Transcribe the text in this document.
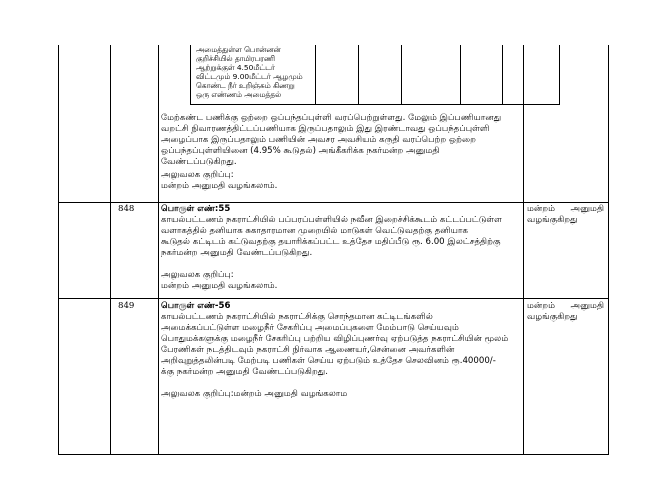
அமைத்துள்ள பொன்னன்
குறிச்சியில் தாமிரபரணி
ஆற்றுக்குள் 4.50மீட்டர்
விட்டமும் 9.00மீட்டர் ஆழமும்
கொண்ட நீர் உறிஞ்சும் கிணறு
ஒரு எண்ணம் அமைத்தல்
மேற்கண்ட பணிக்கு ஒற்றை ஒப்பந்தப்புள்ளி வரப்பெற்றுள்ளது. மேலும் இப்பணியானது
வறட்சி நிவாரணத்திட்டப்பணியாக இருப்பதாலும் இது இரண்டாவது ஒப்பந்தப்புள்ளி
அழைப்பாக இருப்பதாலும் பணியின் அவசர அவசியம் கருதி வரப்பெற்ற ஒற்றை
ஒப்பந்தப்புள்ளியினை (4.95% கூடுதல்) அங்கீகரிக்க நகர்மன்ற அனுமதி
வேண்டப்படுகிறது.
அலுவலக குறிப்பு:
மன்றம் அனுமதி வழங்கலாம்.
848	பொருள் எண்:55
காயல்பட்டணம் நகராட்சியில் பப்பரப்பள்ளியில் நவீன இறைச்சிக்கூடம் கட்டப்பட்டுள்ள
வளாகத்தில் தனியாக சுகாதாரமான முறையில் மாடுகள் வெட்டுவதற்கு தனியாக
கூடுதல் கட்டிடம் கட்டுவதற்கு தயாரிக்கப்பட்ட உத்தேச மதிப்பீடு ரூ. 6.00 இலட்சத்திற்கு
நகர்மன்ற அனுமதி வேண்டப்படுகிறது.
அலுவலக குறிப்பு:
மன்றம் அனுமதி வழங்கலாம்.
மன்றம் அனுமதி
வழங்குகிறது
849	பொருள் எண்-56
காயல்பட்டணம் நகராட்சியில் நகராட்சிக்கு சொந்தமான கட்டிடங்களில்
அமைக்கப்பட்டுள்ள மழைநீர் சேகரிப்பு அமைப்புகளை மேம்பாடு செய்யவும்
பொதுமக்களுக்கு மழைநீர் சேகரிப்பு பற்றிய விழிப்புணர்வு ஏற்படுத்த நகராட்சியின் மூலம்
பேரணிகள் நடத்திடவும் நகராட்சி நிர்வாக ஆணையர்,சென்னை அவர்களின்
அறிவுறுத்தலின்படி மேற்படி பணிகள் செய்ய ஏற்படும் உத்தேச செலவினம் ரூ.40000/-
க்கு நகர்மன்ற அனுமதி வேண்டப்படுகிறது.
அலுவலக குறிப்பு:மன்றம் அனுமதி வழங்கலாம
மன்றம் அனுமதி
வழங்குகிறது
